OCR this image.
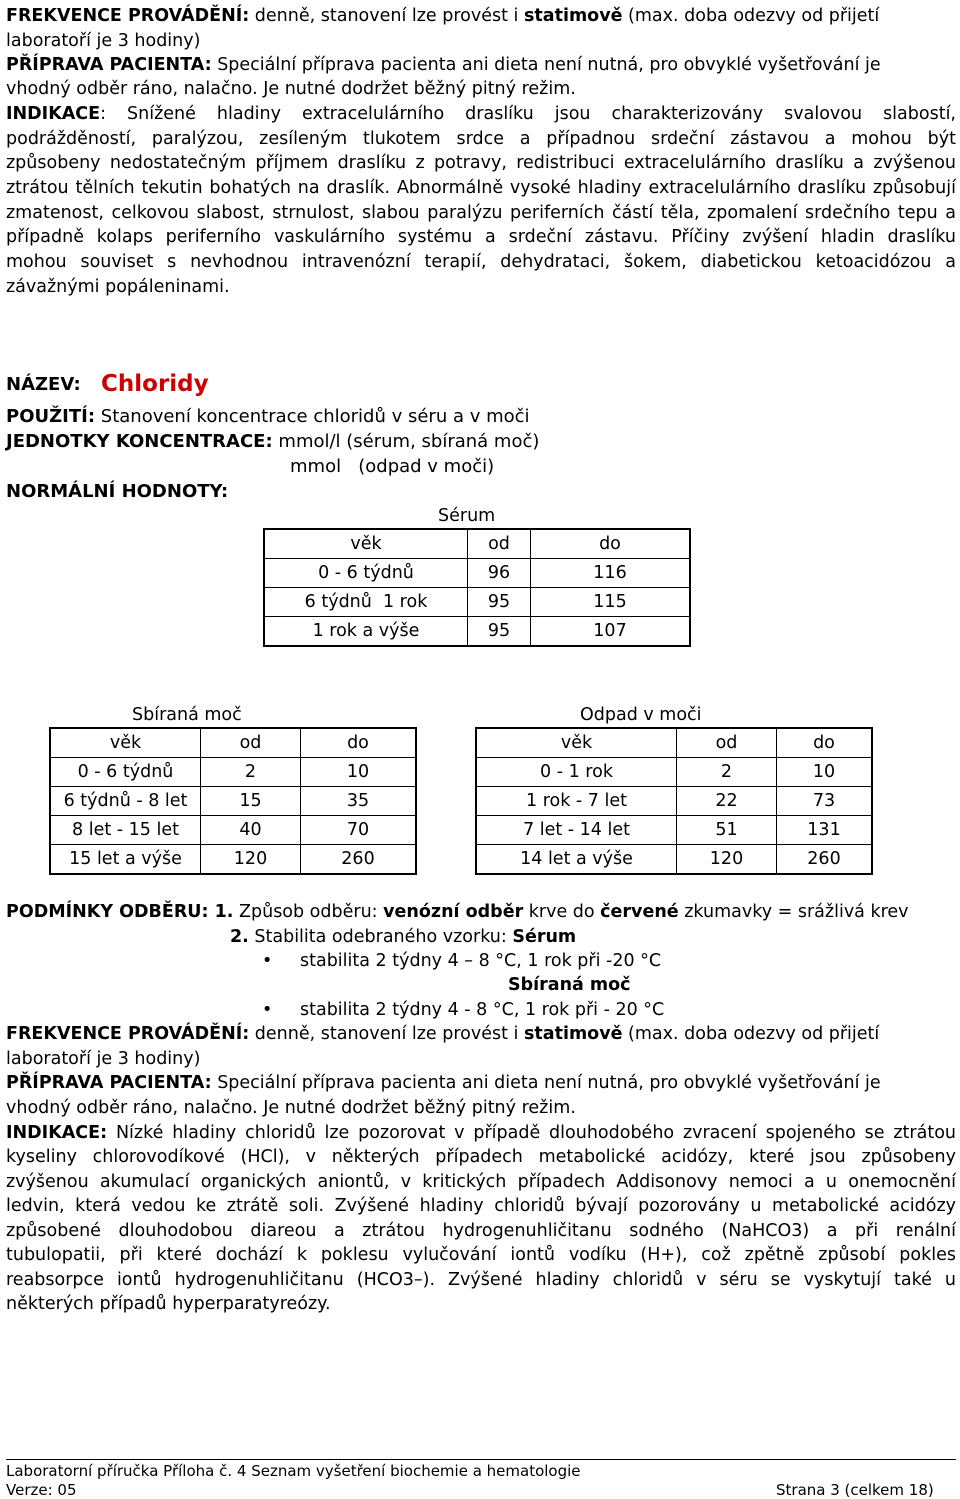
FREKVENCE PROVÁDĚNÍ: denně, stanovení lze provést i statimově (max. doba odezvy od přijetí
laboratoří je 3 hodiny)
PŘÍPRAVA PACIENTA: Speciální příprava pacienta ani dieta není nutná, pro obvyklé vyšetřování je
vhodný odběr ráno, nalačno. Je nutné dodržet běžný pitný režim.
INDIKACE: Snížené hladiny extracelulárního draslíku jsou charakterizovány svalovou slabostí,
podrážděností, paralýzou, zesíleným tlukotem srdce a případnou srdeční zástavou a mohou být
způsobeny nedostatečným příjmem draslíku z potravy, redistribuci extracelulárního draslíku a zvýšenou
ztrátou tělních tekutin bohatých na draslík. Abnormálně vysoké hladiny extracelulárního draslíku způsobují
zmatenost, celkovou slabost, strnulost, slabou paralýzu periferních částí těla, zpomalení srdečního tepu a
případně kolaps periferního vaskulárního systému a srdeční zástavu. Příčiny zvýšení hladin draslíku
mohou souviset s nevhodnou intravenózní terapií, dehydrataci, šokem, diabetickou ketoacidózou a
závažnými popáleninami.
NÁZEV: Chloridy
POUŽITÍ: Stanovení koncentrace chloridů v séru a v moči
JEDNOTKY KONCENTRACE: mmol/l (sérum, sbíraná moč)
mmol   (odpad v moči)
NORMÁLNÍ HODNOTY:
Sérum
věk	od	do
0 - 6 týdnů	96	116
6 týdnů  1 rok	95	115
1 rok a výše	95	107
Sbíraná moč
věk	od	do
0 - 6 týdnů	2	10
6 týdnů - 8 let	15	35
8 let - 15 let	40	70
15 let a výše	120	260
Odpad v moči
věk	od	do
0 - 1 rok	2	10
1 rok - 7 let	22	73
7 let - 14 let	51	131
14 let a výše	120	260
PODMÍNKY ODBĚRU: 1. Způsob odběru: venózní odběr krve do červené zkumavky = srážlivá krev
2. Stabilita odebraného vzorku: Sérum
• stabilita 2 týdny 4 – 8 °C, 1 rok při -20 °C
Sbíraná moč
• stabilita 2 týdny 4 - 8 °C, 1 rok při - 20 °C
FREKVENCE PROVÁDĚNÍ: denně, stanovení lze provést i statimově (max. doba odezvy od přijetí
laboratoří je 3 hodiny)
PŘÍPRAVA PACIENTA: Speciální příprava pacienta ani dieta není nutná, pro obvyklé vyšetřování je
vhodný odběr ráno, nalačno. Je nutné dodržet běžný pitný režim.
INDIKACE: Nízké hladiny chloridů lze pozorovat v případě dlouhodobého zvracení spojeného se ztrátou
kyseliny chlorovodíkové (HCl), v některých případech metabolické acidózy, které jsou způsobeny
zvýšenou akumulací organických aniontů, v kritických případech Addisonovy nemoci a u onemocnění
ledvin, která vedou ke ztrátě soli. Zvýšené hladiny chloridů bývají pozorovány u metabolické acidózy
způsobené dlouhodobou diareou a ztrátou hydrogenuhličitanu sodného (NaHCO3) a při renální
tubulopatii, při které dochází k poklesu vylučování iontů vodíku (H+), což zpětně způsobí pokles
reabsorpce iontů hydrogenuhličitanu (HCO3–). Zvýšené hladiny chloridů v séru se vyskytují také u
některých případů hyperparatyreózy.
Laboratorní příručka Příloha č. 4 Seznam vyšetření biochemie a hematologie
Verze: 05	Strana 3 (celkem 18)
